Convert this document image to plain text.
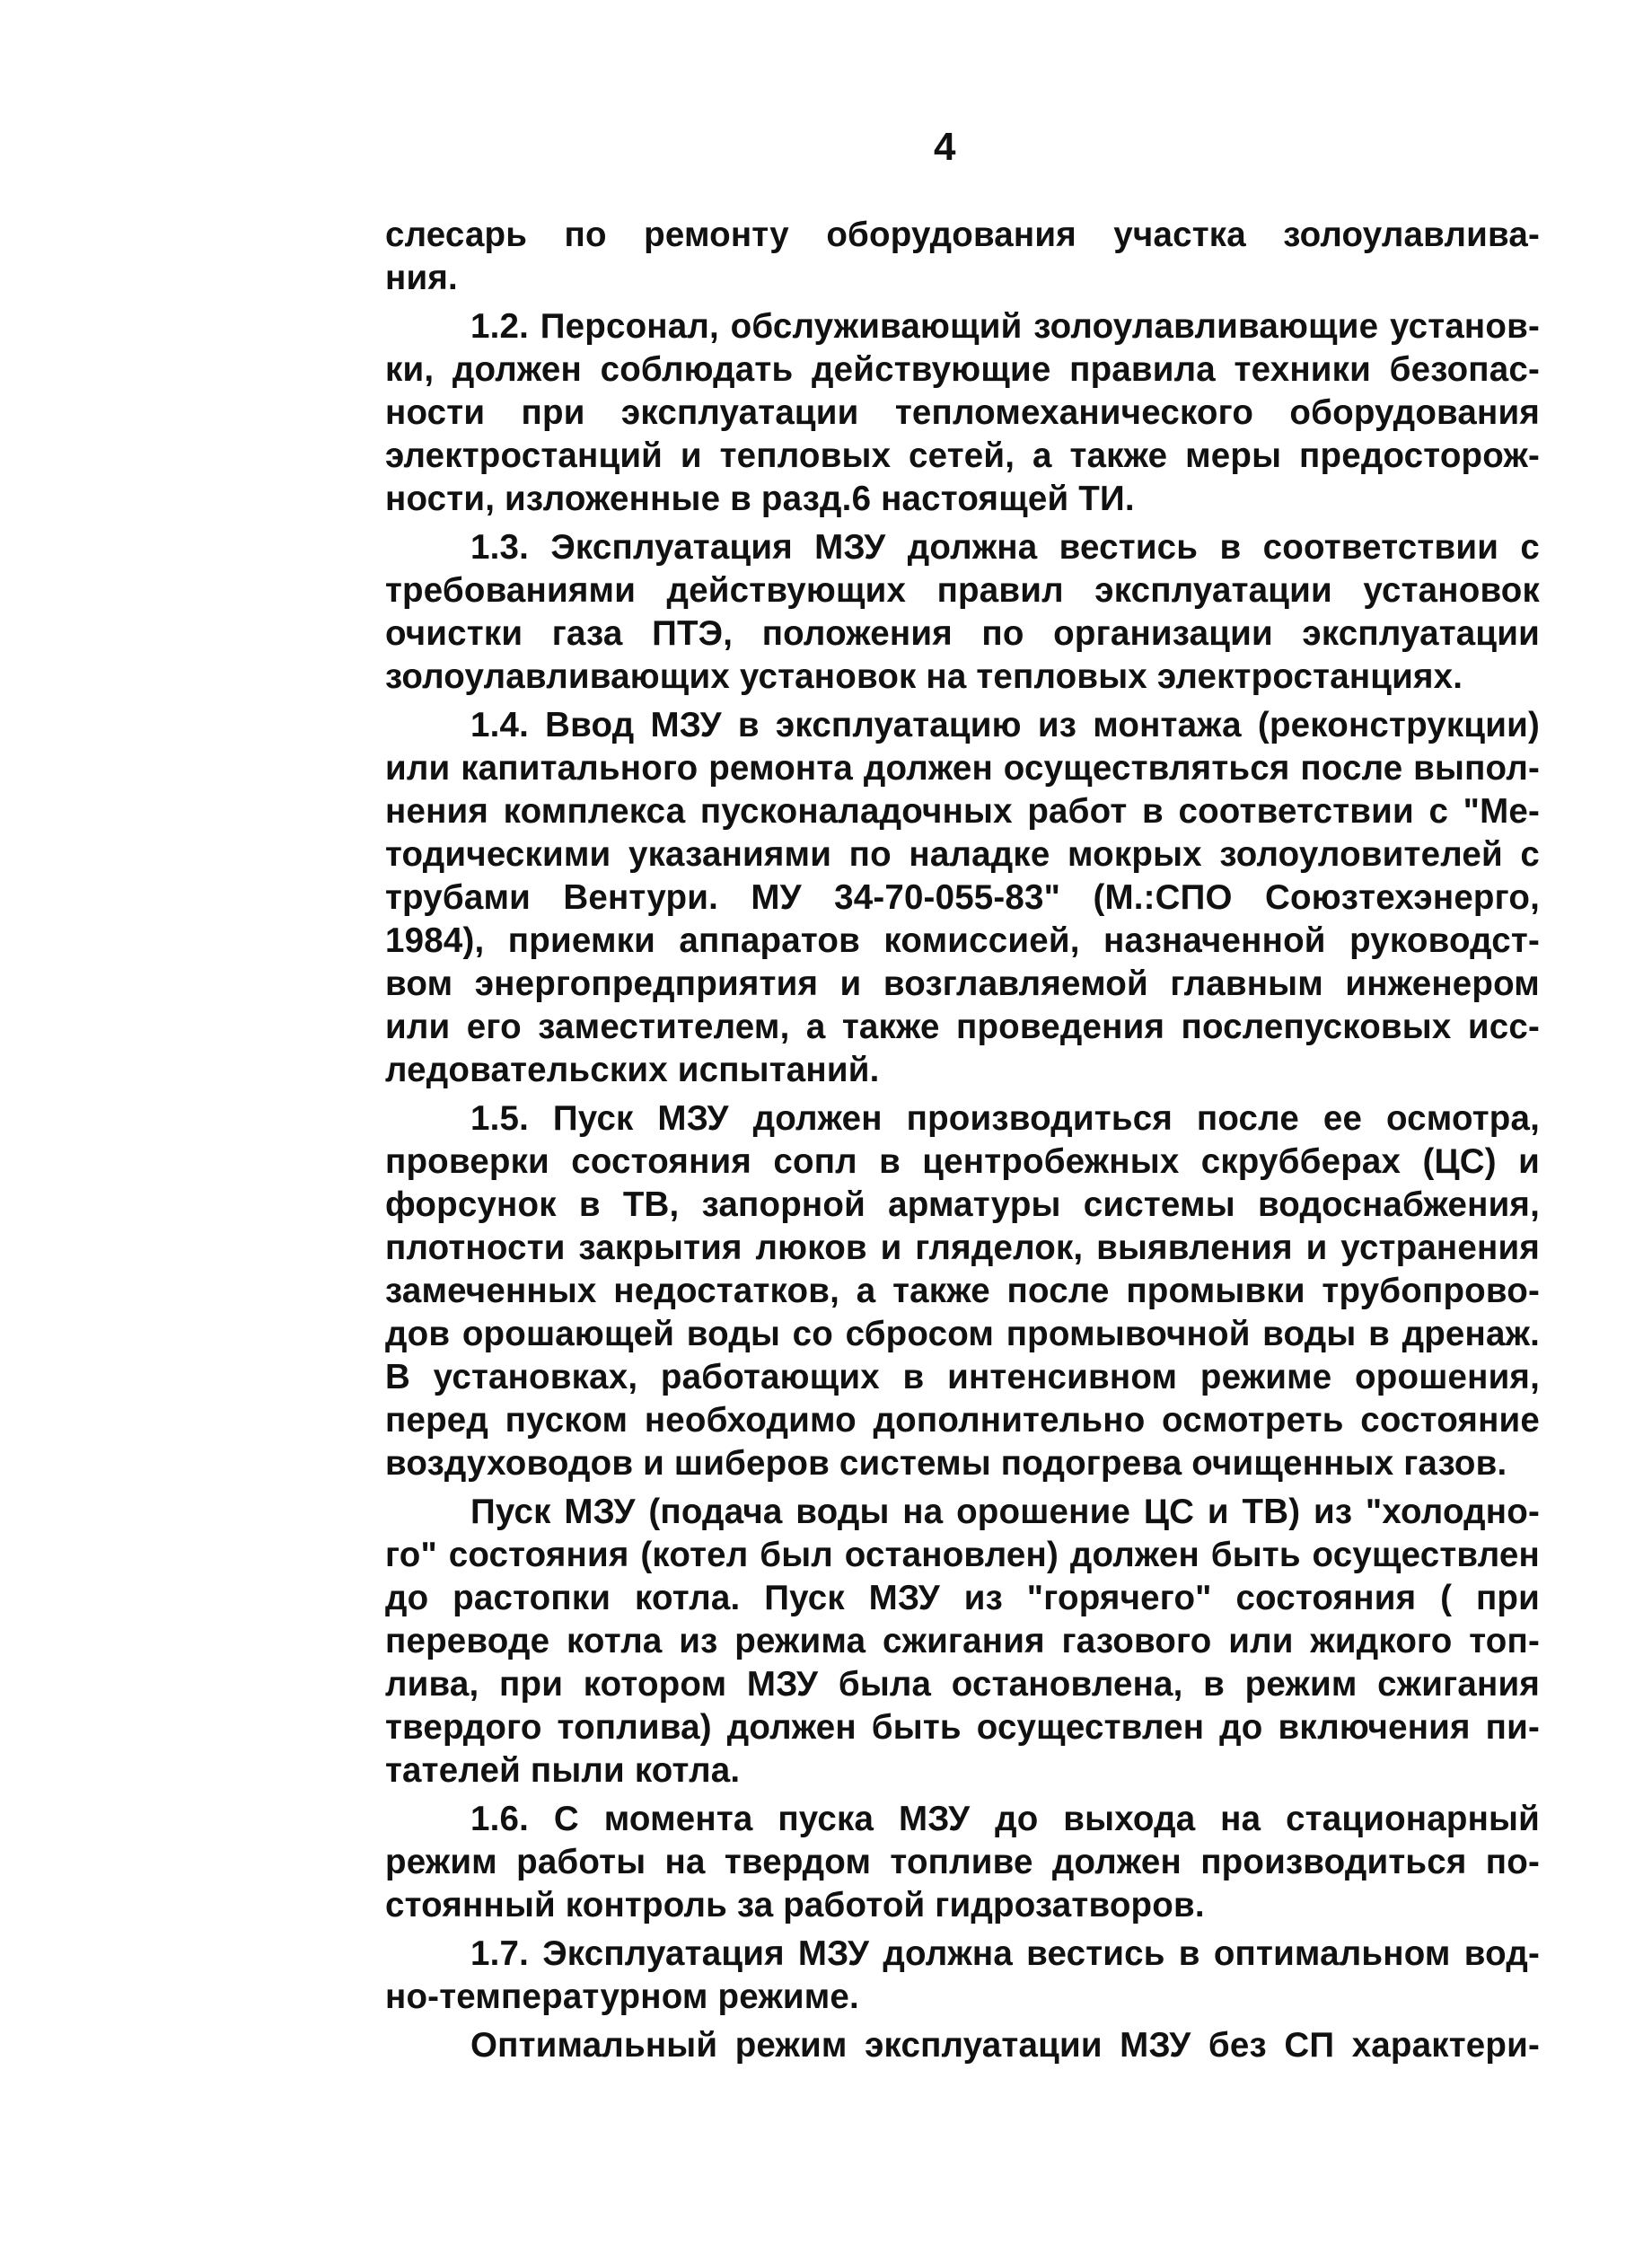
4
слесарь по ремонту оборудования участка золоулавлива-
ния.
1.2. Персонал, обслуживающий золоулавливающие установ-
ки, должен соблюдать действующие правила техники безопас-
ности при эксплуатации тепломеханического оборудования
электростанций и тепловых сетей, а также меры предосторож-
ности, изложенные в разд.6 настоящей ТИ.
1.3. Эксплуатация МЗУ должна вестись в соответствии с
требованиями действующих правил эксплуатации установок
очистки газа ПТЭ, положения по организации эксплуатации
золоулавливающих установок на тепловых электростанциях.
1.4. Ввод МЗУ в эксплуатацию из монтажа (реконструкции)
или капитального ремонта должен осуществляться после выпол-
нения комплекса пусконаладочных работ в соответствии с "Ме-
тодическими указаниями по наладке мокрых золоуловителей с
трубами Вентури. МУ 34-70-055-83" (М.:СПО Союзтехэнерго,
1984), приемки аппаратов комиссией, назначенной руководст-
вом энергопредприятия и возглавляемой главным инженером
или его заместителем, а также проведения послепусковых исс-
ледовательских испытаний.
1.5. Пуск МЗУ должен производиться после ее осмотра,
проверки состояния сопл в центробежных скрубберах (ЦС) и
форсунок в ТВ, запорной арматуры системы водоснабжения,
плотности закрытия люков и гляделок, выявления и устранения
замеченных недостатков, а также после промывки трубопрово-
дов орошающей воды со сбросом промывочной воды в дренаж.
В установках, работающих в интенсивном режиме орошения,
перед пуском необходимо дополнительно осмотреть состояние
воздуховодов и шиберов системы подогрева очищенных газов.
Пуск МЗУ (подача воды на орошение ЦС и ТВ) из "холодно-
го" состояния (котел был остановлен) должен быть осуществлен
до растопки котла. Пуск МЗУ из "горячего" состояния ( при
переводе котла из режима сжигания газового или жидкого топ-
лива, при котором МЗУ была остановлена, в режим сжигания
твердого топлива) должен быть осуществлен до включения пи-
тателей пыли котла.
1.6. С момента пуска МЗУ до выхода на стационарный
режим работы на твердом топливе должен производиться по-
стоянный контроль за работой гидрозатворов.
1.7. Эксплуатация МЗУ должна вестись в оптимальном вод-
но-температурном режиме.
Оптимальный режим эксплуатации МЗУ без СП характери-
